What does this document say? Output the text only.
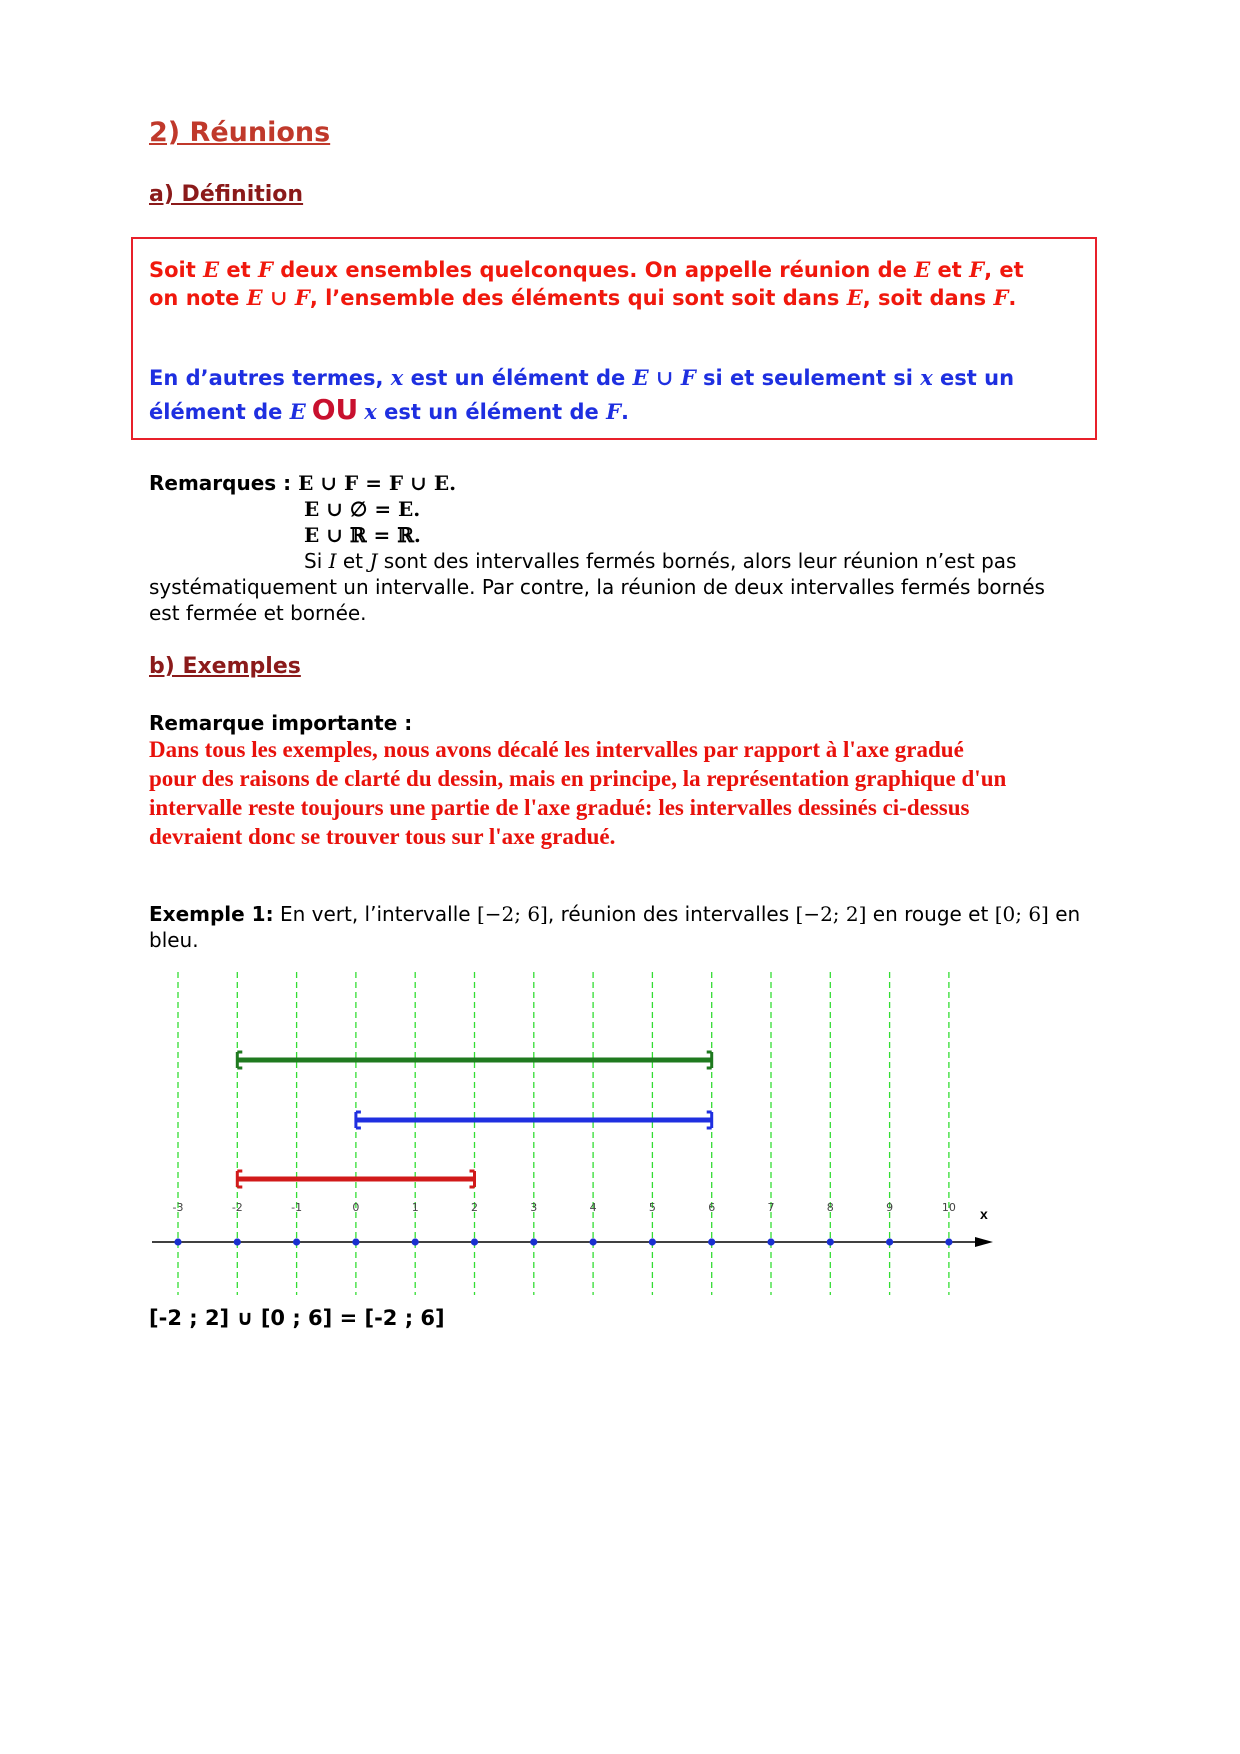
2) Réunions
a) Définition
Soit E et F deux ensembles quelconques. On appelle réunion de E et F, et
on note E ∪ F, l’ensemble des éléments qui sont soit dans E, soit dans F.
En d’autres termes, x est un élément de E ∪ F si et seulement si x est un
élément de E OU x est un élément de F.
Remarques : E ∪ F = F ∪ E.
E ∪ ∅ = E.
E ∪ ℝ = ℝ.
Si I et J sont des intervalles fermés bornés, alors leur réunion n’est pas
systématiquement un intervalle. Par contre, la réunion de deux intervalles fermés bornés
est fermée et bornée.
b) Exemples
Remarque importante :
Dans tous les exemples, nous avons décalé les intervalles par rapport à l'axe gradué
pour des raisons de clarté du dessin, mais en principe, la représentation graphique d'un
intervalle reste toujours une partie de l'axe gradué: les intervalles dessinés ci-dessus
devraient donc se trouver tous sur l'axe gradué.
Exemple 1: En vert, l’intervalle [−2; 6], réunion des intervalles [−2; 2] en rouge et [0; 6] en
bleu.
x
-3	-2	-1	0	1	2	3	4	5	6	7	8	9	10
[-2 ; 2] ∪ [0 ; 6] = [-2 ; 6]
